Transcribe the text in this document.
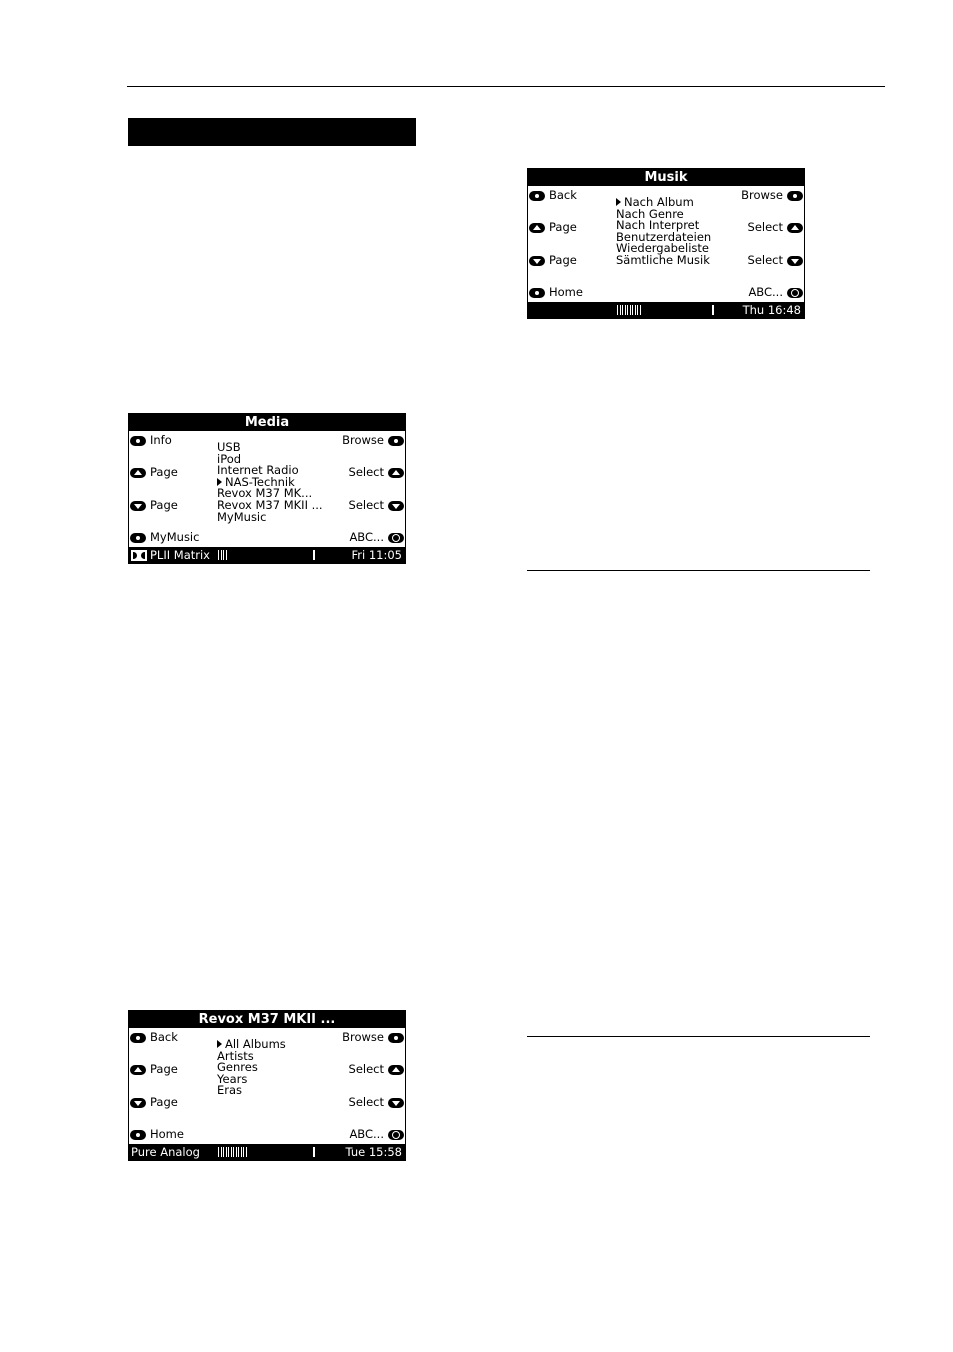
Media
Info
Page
Page
MyMusic
Browse
Select
Select
ABC...
USB
iPod
Internet Radio
NAS-Technik
Revox M37 MK...
Revox M37 MKII ...
MyMusic
PLII Matrix	Fri 11:05
Musik
Back
Page
Page
Home
Browse
Select
Select
ABC...
Nach Album
Nach Genre
Nach Interpret
Benutzerdateien
Wiedergabeliste
Sämtliche Musik
Thu 16:48
Revox M37 MKII ...
Back
Page
Page
Home
Browse
Select
Select
ABC...
All Albums
Artists
Genres
Years
Eras
Pure Analog	Tue 15:58
